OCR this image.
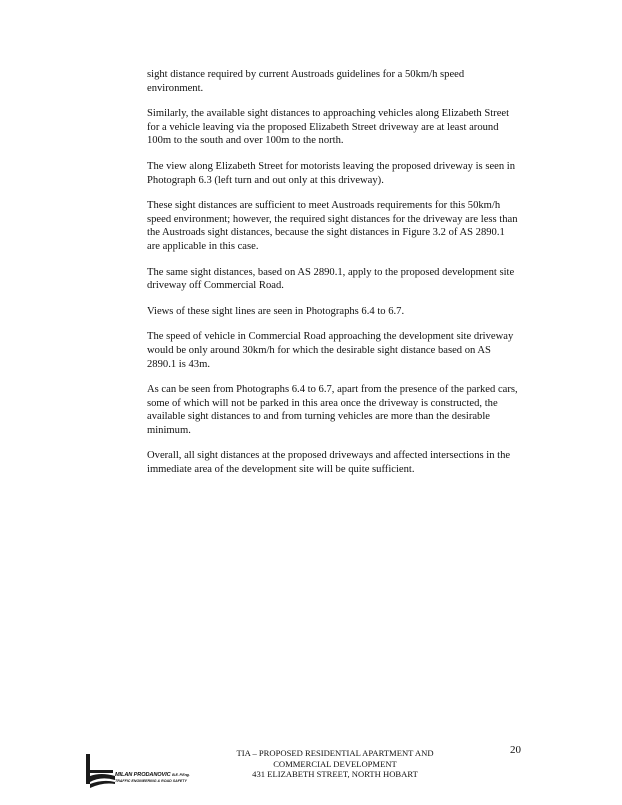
sight distance required by current Austroads guidelines for a 50km/h speed environment.

Similarly, the available sight distances to approaching vehicles along Elizabeth Street for a vehicle leaving via the proposed Elizabeth Street driveway are at least around 100m to the south and over 100m to the north.

The view along Elizabeth Street for motorists leaving the proposed driveway is seen in Photograph 6.3 (left turn and out only at this driveway).

These sight distances are sufficient to meet Austroads requirements for this 50km/h speed environment; however, the required sight distances for the driveway are less than the Austroads sight distances, because the sight distances in Figure 3.2 of AS 2890.1 are applicable in this case.

The same sight distances, based on AS 2890.1, apply to the proposed development site driveway off Commercial Road.

Views of these sight lines are seen in Photographs 6.4 to 6.7.

The speed of vehicle in Commercial Road approaching the development site driveway would be only around 30km/h for which the desirable sight distance based on AS 2890.1 is 43m.

As can be seen from Photographs 6.4 to 6.7, apart from the presence of the parked cars, some of which will not be parked in this area once the driveway is constructed, the available sight distances to and from turning vehicles are more than the desirable minimum.

Overall, all sight distances at the proposed driveways and affected intersections in the immediate area of the development site will be quite sufficient.

MILAN PRODANOVIC B.E. P.Eng.
TRAFFIC ENGINEERING & ROAD SAFETY
TIA – PROPOSED RESIDENTIAL APARTMENT AND
COMMERCIAL DEVELOPMENT
431 ELIZABETH STREET, NORTH HOBART
20
